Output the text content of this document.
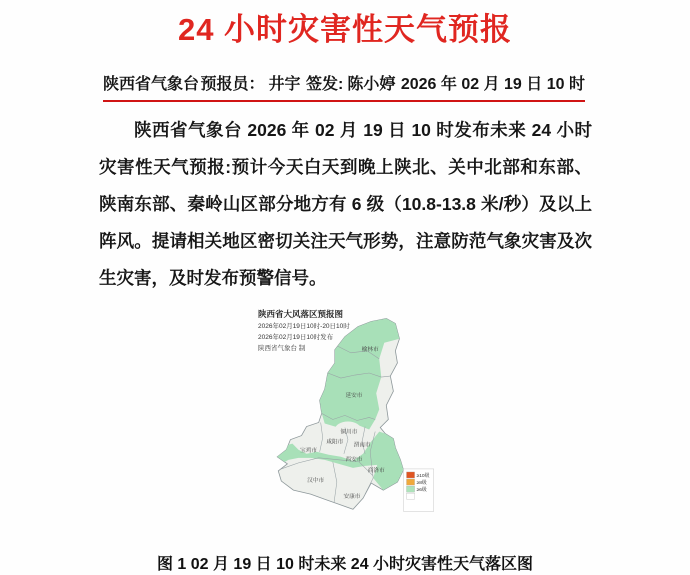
24 小时灾害性天气预报
陕西省气象台 预报员： 井宇 签发: 陈小婷 2026 年 02 月 19 日 10 时

陕西省气象台 2026 年 02 月 19 日 10 时发布未来 24 小时灾害性天气预报:预计今天白天到晚上陕北、关中北部和东部、陕南东部、秦岭山区部分地方有 6 级（10.8-13.8 米/秒）及以上阵风。提请相关地区密切关注天气形势，注意防范气象灾害及次生灾害，及时发布预警信号。

陕西省大风落区预报图
2026年02月19日10时-20日10时
2026年02月19日10时发布
陕西省气象台 制	榆林市
延安市
铜川市
咸阳市
渭南市
宝鸡市
西安市
商洛市
汉中市
安康市
≥10级
≥8级
≥6级
图 1 02 月 19 日 10 时未来 24 小时灾害性天气落区图
